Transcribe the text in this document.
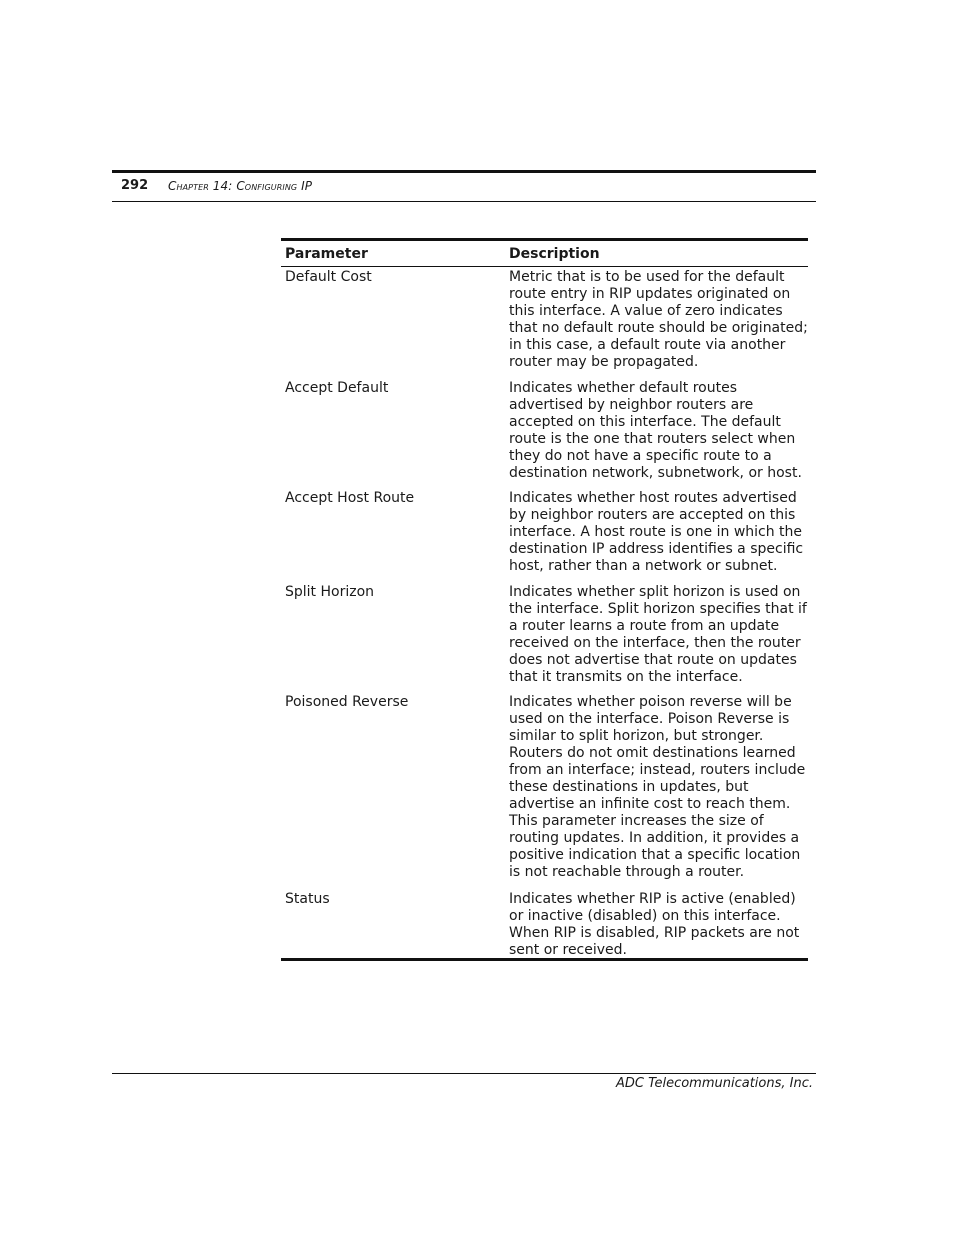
292 Chapter 14: Configuring IP
Parameter	Description
Default Cost	Metric that is to be used for the default route entry in RIP updates originated on this interface. A value of zero indicates that no default route should be originated; in this case, a default route via another router may be propagated.
Accept Default	Indicates whether default routes advertised by neighbor routers are accepted on this interface. The default route is the one that routers select when they do not have a specific route to a destination network, subnetwork, or host.
Accept Host Route	Indicates whether host routes advertised by neighbor routers are accepted on this interface. A host route is one in which the destination IP address identifies a specific host, rather than a network or subnet.
Split Horizon	Indicates whether split horizon is used on the interface. Split horizon specifies that if a router learns a route from an update received on the interface, then the router does not advertise that route on updates that it transmits on the interface.
Poisoned Reverse	Indicates whether poison reverse will be used on the interface. Poison Reverse is similar to split horizon, but stronger. Routers do not omit destinations learned from an interface; instead, routers include these destinations in updates, but advertise an infinite cost to reach them. This parameter increases the size of routing updates. In addition, it provides a positive indication that a specific location is not reachable through a router.
Status	Indicates whether RIP is active (enabled) or inactive (disabled) on this interface. When RIP is disabled, RIP packets are not sent or received.
ADC Telecommunications, Inc.
